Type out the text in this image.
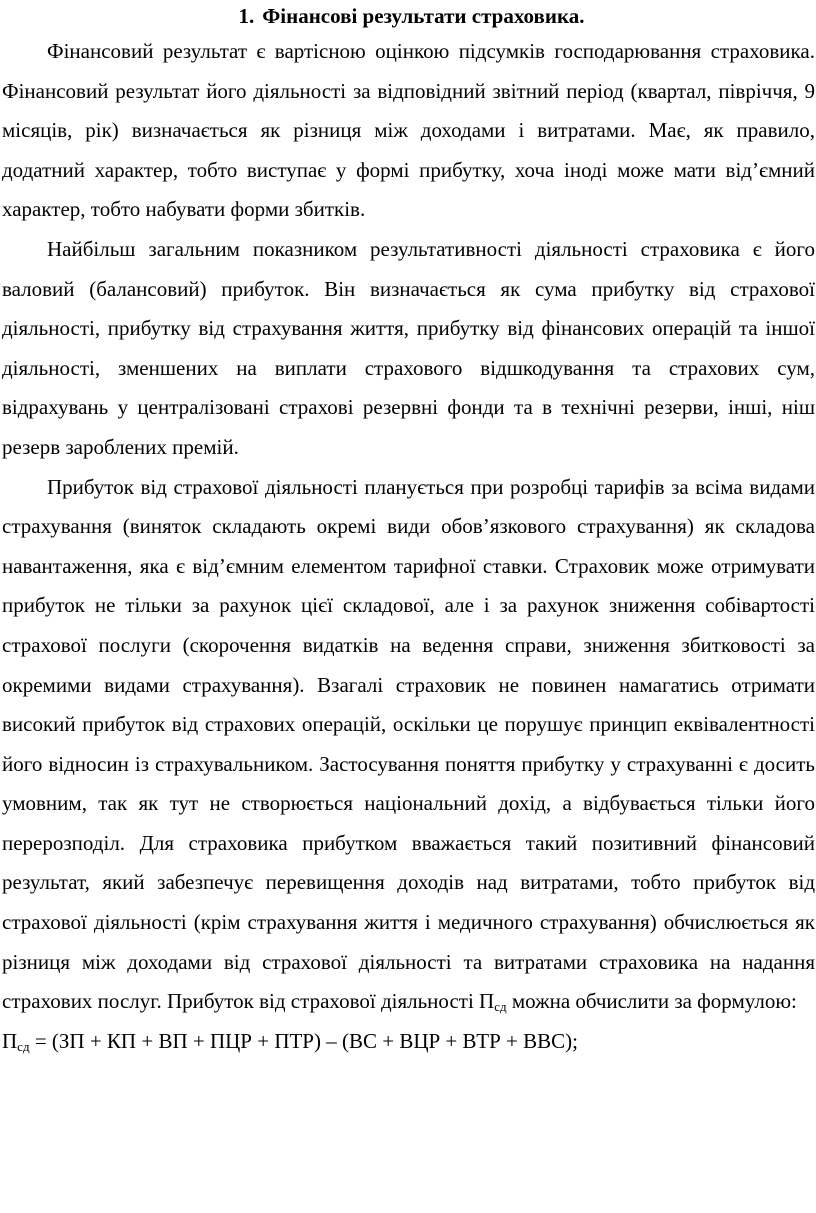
1. Фінансові результати страховика.

Фінансовий результат є вартісною оцінкою підсумків господарювання страховика. Фінансовий результат його діяльності за відповідний звітний період (квартал, півріччя, 9 місяців, рік) визначається як різниця між доходами і витратами. Має, як правило, додатний характер, тобто виступає у формі прибутку, хоча іноді може мати від’ємний характер, тобто набувати форми збитків.

Найбільш загальним показником результативності діяльності страховика є його валовий (балансовий) прибуток. Він визначається як сума прибутку від страхової діяльності, прибутку від страхування життя, прибутку від фінансових операцій та іншої діяльності, зменшених на виплати страхового відшкодування та страхових сум, відрахувань у централізовані страхові резервні фонди та в технічні резерви, інші, ніш резерв зароблених премій.

Прибуток від страхової діяльності планується при розробці тарифів за всіма видами страхування (виняток складають окремі види обов’язкового страхування) як складова навантаження, яка є від’ємним елементом тарифної ставки. Страховик може отримувати прибуток не тільки за рахунок цієї складової, але і за рахунок зниження собівартості страхової послуги (скорочення видатків на ведення справи, зниження збитковості за окремими видами страхування). Взагалі страховик не повинен намагатись отримати високий прибуток від страхових операцій, оскільки це порушує принцип еквівалентності його відносин із страхувальником. Застосування поняття прибутку у страхуванні є досить умовним, так як тут не створюється національний дохід, а відбувається тільки його перерозподіл. Для страховика прибутком вважається такий позитивний фінансовий результат, який забезпечує перевищення доходів над витратами, тобто прибуток від страхової діяльності (крім страхування життя і медичного страхування) обчислюється як різниця між доходами від страхової діяльності та витратами страховика на надання страхових послуг. Прибуток від страхової діяльності $П_{сд}$ можна обчислити за формулою:

$П_{сд} = (ЗП$ + КП + ВП + ПЦР + ПТР) – (ВС + ВЦР + ВТР + ВВС);
